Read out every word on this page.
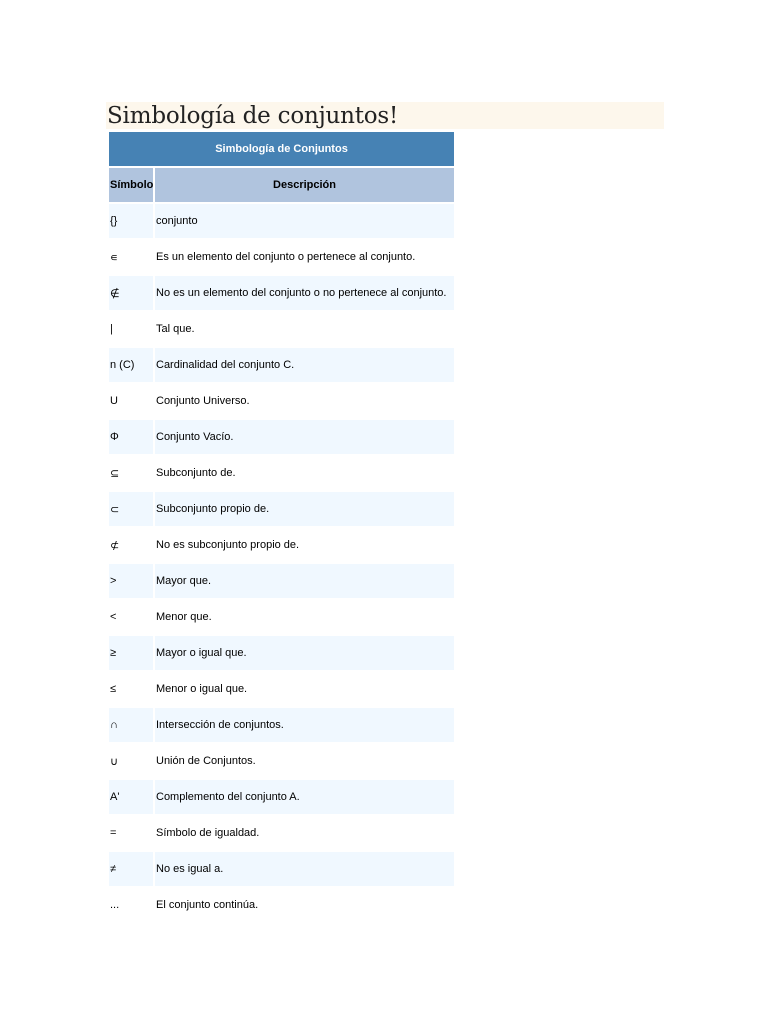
Simbología de conjuntos!
Simbología de Conjuntos	
Símbolo	Descripción
{}	conjunto
∊	Es un elemento del conjunto o pertenece al conjunto.
∉	No es un elemento del conjunto o no pertenece al conjunto.
|	Tal que.
n (C)	Cardinalidad del conjunto C.
U	Conjunto Universo.
Φ	Conjunto Vacío.
⊆	Subconjunto de.
⊂	Subconjunto propio de.
⊄	No es subconjunto propio de.
>	Mayor que.
<	Menor que.
≥	Mayor o igual que.
≤	Menor o igual que.
∩	Intersección de conjuntos.
∪	Unión de Conjuntos.
A'	Complemento del conjunto A.
=	Símbolo de igualdad.
≠	No es igual a.
...	El conjunto continúa.
